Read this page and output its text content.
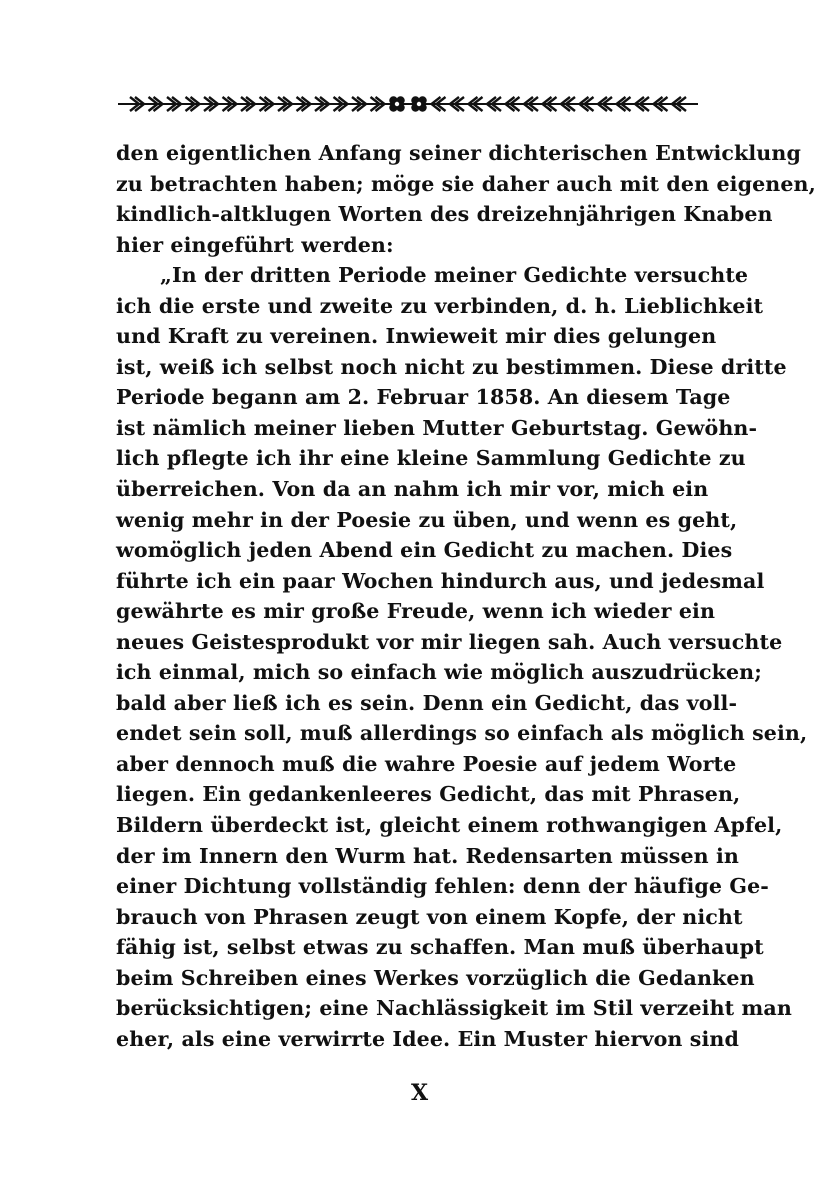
den eigentlichen Anfang seiner dichterischen Entwicklung
zu betrachten haben; möge sie daher auch mit den eigenen,
kindlich-altklugen Worten des dreizehnjährigen Knaben
hier eingeführt werden:
„In der dritten Periode meiner Gedichte versuchte
ich die erste und zweite zu verbinden, d. h. Lieblichkeit
und Kraft zu vereinen. Inwieweit mir dies gelungen
ist, weiß ich selbst noch nicht zu bestimmen. Diese dritte
Periode begann am 2. Februar 1858. An diesem Tage
ist nämlich meiner lieben Mutter Geburtstag. Gewöhn-
lich pflegte ich ihr eine kleine Sammlung Gedichte zu
überreichen. Von da an nahm ich mir vor, mich ein
wenig mehr in der Poesie zu üben, und wenn es geht,
womöglich jeden Abend ein Gedicht zu machen. Dies
führte ich ein paar Wochen hindurch aus, und jedesmal
gewährte es mir große Freude, wenn ich wieder ein
neues Geistesprodukt vor mir liegen sah. Auch versuchte
ich einmal, mich so einfach wie möglich auszudrücken;
bald aber ließ ich es sein. Denn ein Gedicht, das voll-
endet sein soll, muß allerdings so einfach als möglich sein,
aber dennoch muß die wahre Poesie auf jedem Worte
liegen. Ein gedankenleeres Gedicht, das mit Phrasen,
Bildern überdeckt ist, gleicht einem rothwangigen Apfel,
der im Innern den Wurm hat. Redensarten müssen in
einer Dichtung vollständig fehlen: denn der häufige Ge-
brauch von Phrasen zeugt von einem Kopfe, der nicht
fähig ist, selbst etwas zu schaffen. Man muß überhaupt
beim Schreiben eines Werkes vorzüglich die Gedanken
berücksichtigen; eine Nachlässigkeit im Stil verzeiht man
eher, als eine verwirrte Idee. Ein Muster hiervon sind
X
